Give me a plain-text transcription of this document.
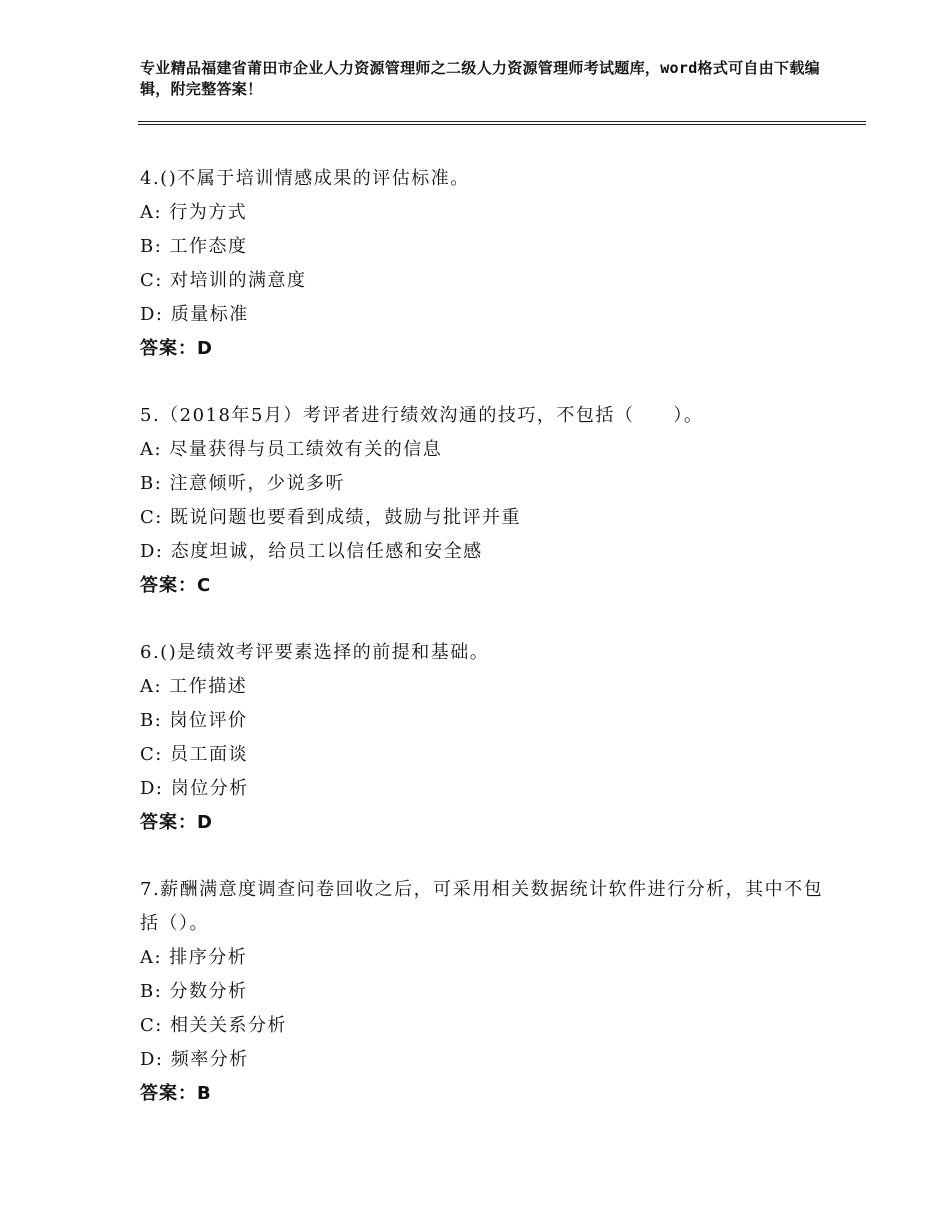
专业精品福建省莆田市企业人力资源管理师之二级人力资源管理师考试题库，word格式可自由下载编辑，附完整答案！

4.()不属于培训情感成果的评估标准。

A: 行为方式

B: 工作态度

C: 对培训的满意度

D: 质量标准

答案：D

5.（2018年5月）考评者进行绩效沟通的技巧，不包括（　　）。

A: 尽量获得与员工绩效有关的信息

B: 注意倾听，少说多听

C: 既说问题也要看到成绩，鼓励与批评并重

D: 态度坦诚，给员工以信任感和安全感

答案：C

6.()是绩效考评要素选择的前提和基础。

A: 工作描述

B: 岗位评价

C: 员工面谈

D: 岗位分析

答案：D

7.薪酬满意度调查问卷回收之后，可采用相关数据统计软件进行分析，其中不包括（）。

A: 排序分析

B: 分数分析

C: 相关关系分析

D: 频率分析

答案：B
